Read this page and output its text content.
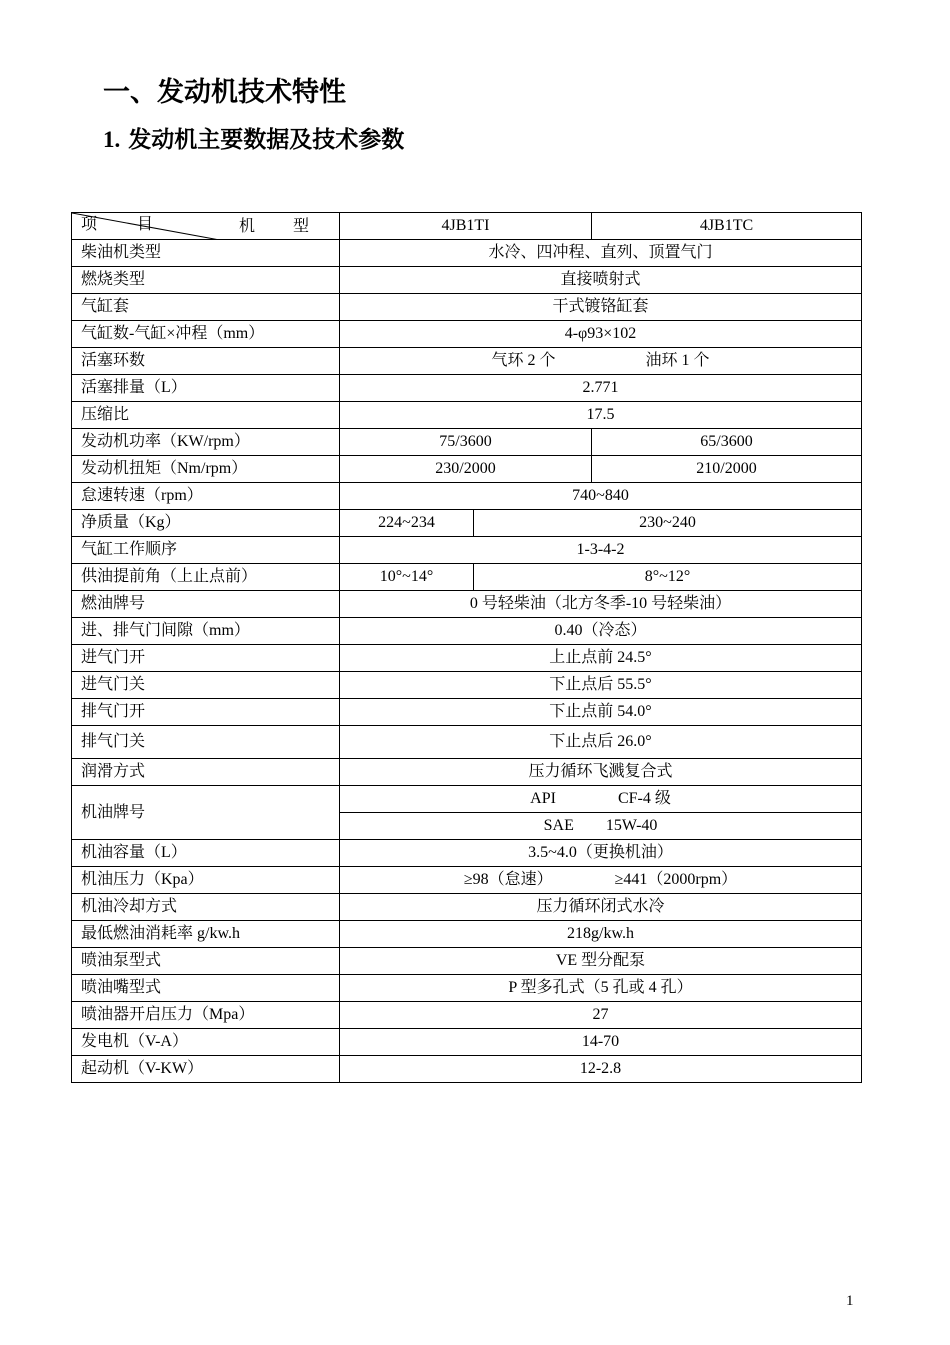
一、发动机技术特性
1. 发动机主要数据及技术参数
机 型
项 目	4JB1TI		4JB1TC
柴油机类型	水冷、四冲程、直列、顶置气门		
燃烧类型	直接喷射式		
气缸套	干式镀铬缸套		
气缸数-气缸×冲程（mm）	4-φ93×102		
活塞环数	气环 2 个 油环 1 个		
活塞排量（L）	2.771		
压缩比	17.5		
发动机功率（KW/rpm）	75/3600		65/3600
发动机扭矩（Nm/rpm）	230/2000		210/2000
怠速转速（rpm）	740~840		
净质量（Kg）	224~234	230~240	
气缸工作顺序	1-3-4-2		
供油提前角（上止点前）	10°~14°	8°~12°	
燃油牌号	0 号轻柴油（北方冬季-10 号轻柴油）		
进、排气门间隙（mm）	0.40（冷态）		
进气门开	上止点前 24.5°		
进气门关	下止点后 55.5°		
排气门开	下止点前 54.0°		
排气门关	下止点后 26.0°		
润滑方式	压力循环飞溅复合式		
机油牌号	API CF-4 级		
	SAE 15W-40		
机油容量（L）	3.5~4.0（更换机油）		
机油压力（Kpa）	≥98（怠速） ≥441（2000rpm）		
机油冷却方式	压力循环闭式水冷		
最低燃油消耗率 g/kw.h	218g/kw.h		
喷油泵型式	VE 型分配泵		
喷油嘴型式	P 型多孔式（5 孔或 4 孔）		
喷油器开启压力（Mpa）	27		
发电机（V-A）	14-70		
起动机（V-KW）	12-2.8		
1
